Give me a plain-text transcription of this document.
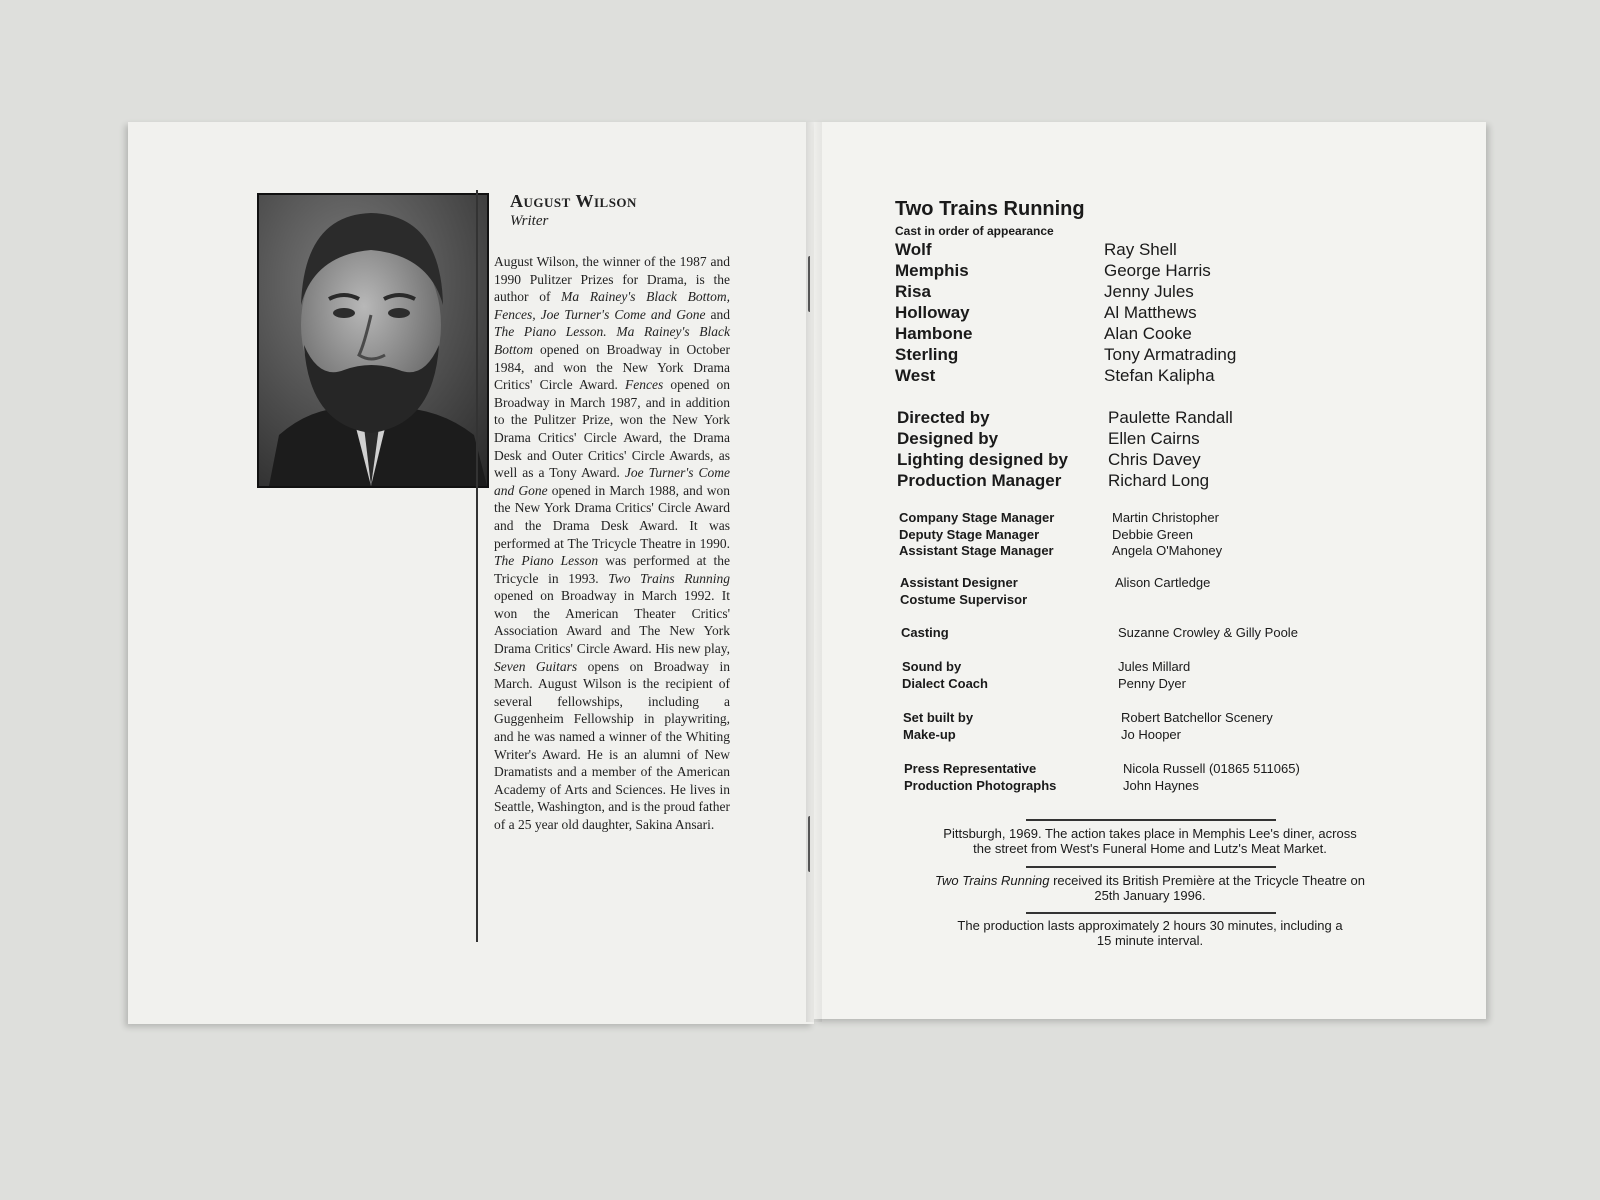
August Wilson
Writer
August Wilson, the winner of the 1987 and 1990 Pulitzer Prizes for Drama, is the author of Ma Rainey's Black Bottom, Fences, Joe Turner's Come and Gone and The Piano Lesson. Ma Rainey's Black Bottom opened on Broadway in October 1984, and won the New York Drama Critics' Circle Award. Fences opened on Broadway in March 1987, and in addition to the Pulitzer Prize, won the New York Drama Critics' Circle Award, the Drama Desk and Outer Critics' Circle Awards, as well as a Tony Award. Joe Turner's Come and Gone opened in March 1988, and won the New York Drama Critics' Circle Award and the Drama Desk Award. It was performed at The Tricycle Theatre in 1990. The Piano Lesson was performed at the Tricycle in 1993. Two Trains Running opened on Broadway in March 1992. It won the American Theater Critics' Association Award and The New York Drama Critics' Circle Award. His new play, Seven Guitars opens on Broadway in March. August Wilson is the recipient of several fellowships, including a Guggenheim Fellowship in playwriting, and he was named a winner of the Whiting Writer's Award. He is an alumni of New Dramatists and a member of the American Academy of Arts and Sciences. He lives in Seattle, Washington, and is the proud father of a 25 year old daughter, Sakina Ansari.
Two Trains Running
Cast in order of appearance
Wolf	Ray Shell
Memphis	George Harris
Risa	Jenny Jules
Holloway	Al Matthews
Hambone	Alan Cooke
Sterling	Tony Armatrading
West	Stefan Kalipha
Directed by	Paulette Randall
Designed by	Ellen Cairns
Lighting designed by Chris Davey
Production Manager	Richard Long
Company Stage Manager	Martin Christopher
Deputy Stage Manager	Debbie Green
Assistant Stage Manager	Angela O'Mahoney
Assistant Designer	Alison Cartledge
Costume Supervisor
Casting	Suzanne Crowley & Gilly Poole
Sound by	Jules Millard
Dialect Coach	Penny Dyer
Set built by	Robert Batchellor Scenery
Make-up	Jo Hooper
Press Representative	Nicola Russell (01865 511065)
Production Photographs	John Haynes
Pittsburgh, 1969. The action takes place in Memphis Lee's diner, across
the street from West's Funeral Home and Lutz's Meat Market.
Two Trains Running received its British Première at the Tricycle Theatre on
25th January 1996.
The production lasts approximately 2 hours 30 minutes, including a
15 minute interval.
